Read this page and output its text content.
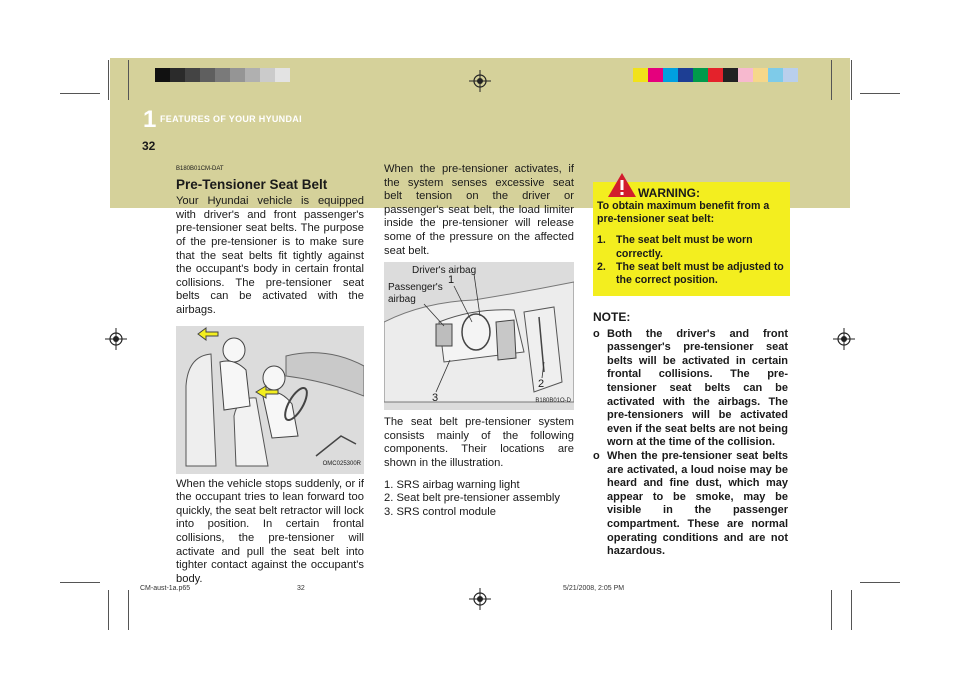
1 FEATURES OF YOUR HYUNDAI
32
B180B01CM-DAT
Pre-Tensioner Seat Belt

Your Hyundai vehicle is equipped with driver's and front passenger's pre-tensioner seat belts. The purpose of the pre-tensioner is to make sure that the seat belts fit tightly against the occupant's body in certain frontal collisions. The pre-tensioner seat belts can be activated with the airbags.

OMC025300R

When the vehicle stops suddenly, or if the occupant tries to lean forward too quickly, the seat belt retractor will lock into position. In certain frontal collisions, the pre-tensioner will activate and pull the seat belt into tighter contact against the occupant's body.

When the pre-tensioner activates, if the system senses excessive seat belt tension on the driver or passenger's seat belt, the load limiter inside the pre-tensioner will release some of the pressure on the affected seat belt.

Driver's airbag
Passenger's
airbag
1
2
3	B180B01O-D

The seat belt pre-tensioner system consists mainly of the following components. Their locations are shown in the illustration.

1. SRS airbag warning light
2. Seat belt pre-tensioner assembly
3. SRS control module
WARNING:
To obtain maximum benefit from a pre-tensioner seat belt:
1. The seat belt must be worn correctly.
2. The seat belt must be adjusted to the correct position.
NOTE:
o Both the driver's and front passenger's pre-tensioner seat belts will be activated in certain frontal collisions. The pre-tensioner seat belts can be activated with the airbags. The pre-tensioners will be activated even if the seat belts are not being worn at the time of the collision.
o When the pre-tensioner seat belts are activated, a loud noise may be heard and fine dust, which may appear to be smoke, may be visible in the passenger compartment. These are normal operating conditions and are not hazardous.
CM-aust-1a.p65	32	5/21/2008, 2:05 PM
